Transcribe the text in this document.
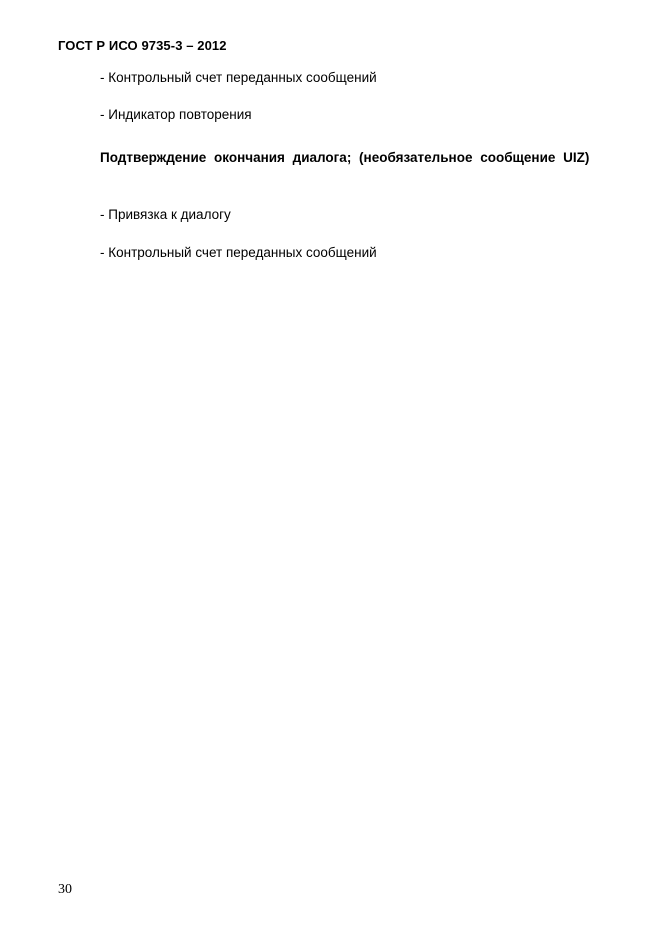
ГОСТ Р ИСО 9735-3 – 2012
- Контрольный счет переданных сообщений
- Индикатор повторения
Подтверждение окончания диалога; (необязательное сообщение UIZ)
- Привязка к диалогу
- Контрольный счет переданных сообщений
30
